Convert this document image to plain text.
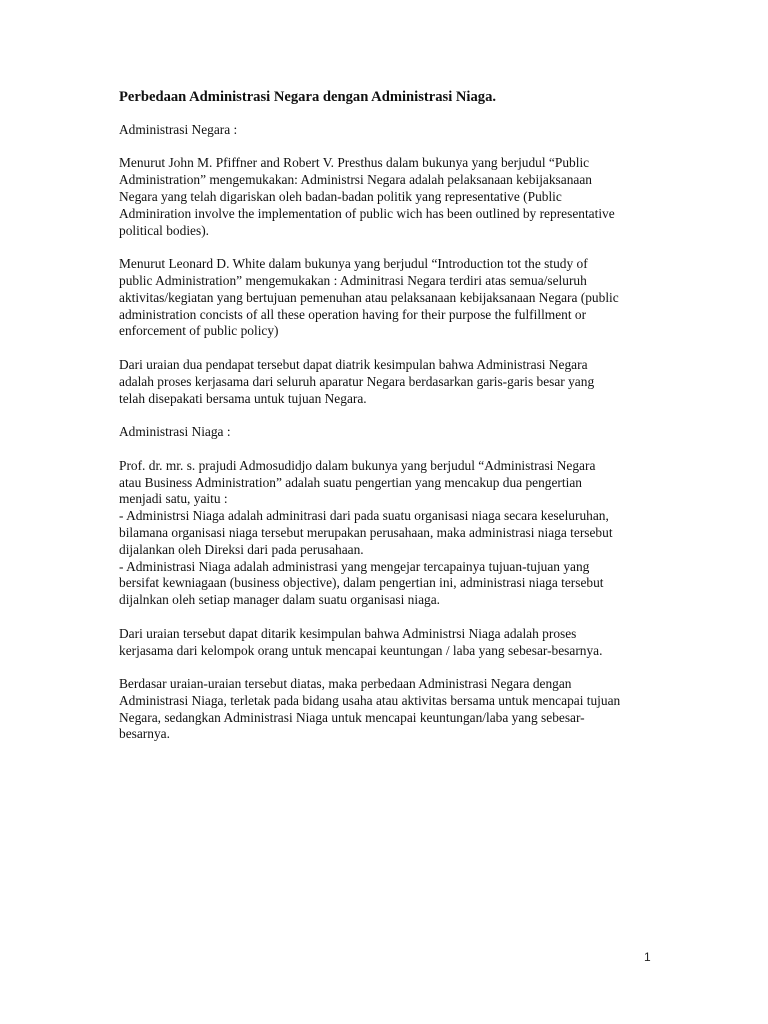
Perbedaan Administrasi Negara dengan Administrasi Niaga.
Administrasi Negara :
Menurut John M. Pfiffner and Robert V. Presthus dalam bukunya yang berjudul “Public
Administration” mengemukakan: Administrsi Negara adalah pelaksanaan kebijaksanaan
Negara yang telah digariskan oleh badan-badan politik yang representative (Public
Adminiration involve the implementation of public wich has been outlined by representative
political bodies).
Menurut Leonard D. White dalam bukunya yang berjudul “Introduction tot the study of
public Administration” mengemukakan : Adminitrasi Negara terdiri atas semua/seluruh
aktivitas/kegiatan yang bertujuan pemenuhan atau pelaksanaan kebijaksanaan Negara (public
administration concists of all these operation having for their purpose the fulfillment or
enforcement of public policy)
Dari uraian dua pendapat tersebut dapat diatrik kesimpulan bahwa Administrasi Negara
adalah proses kerjasama dari seluruh aparatur Negara berdasarkan garis-garis besar yang
telah disepakati bersama untuk tujuan Negara.
Administrasi Niaga :
Prof. dr. mr. s. prajudi Admosudidjo dalam bukunya yang berjudul “Administrasi Negara
atau Business Administration” adalah suatu pengertian yang mencakup dua pengertian
menjadi satu, yaitu :
- Administrsi Niaga adalah adminitrasi dari pada suatu organisasi niaga secara keseluruhan,
bilamana organisasi niaga tersebut merupakan perusahaan, maka administrasi niaga tersebut
dijalankan oleh Direksi dari pada perusahaan.
- Administrasi Niaga adalah administrasi yang mengejar tercapainya tujuan-tujuan yang
bersifat kewniagaan (business objective), dalam pengertian ini, administrasi niaga tersebut
dijalnkan oleh setiap manager dalam suatu organisasi niaga.
Dari uraian tersebut dapat ditarik kesimpulan bahwa Administrsi Niaga adalah proses
kerjasama dari kelompok orang untuk mencapai keuntungan / laba yang sebesar-besarnya.
Berdasar uraian-uraian tersebut diatas, maka perbedaan Administrasi Negara dengan
Administrasi Niaga, terletak pada bidang usaha atau aktivitas bersama untuk mencapai tujuan
Negara, sedangkan Administrasi Niaga untuk mencapai keuntungan/laba yang sebesar-
besarnya.
1
